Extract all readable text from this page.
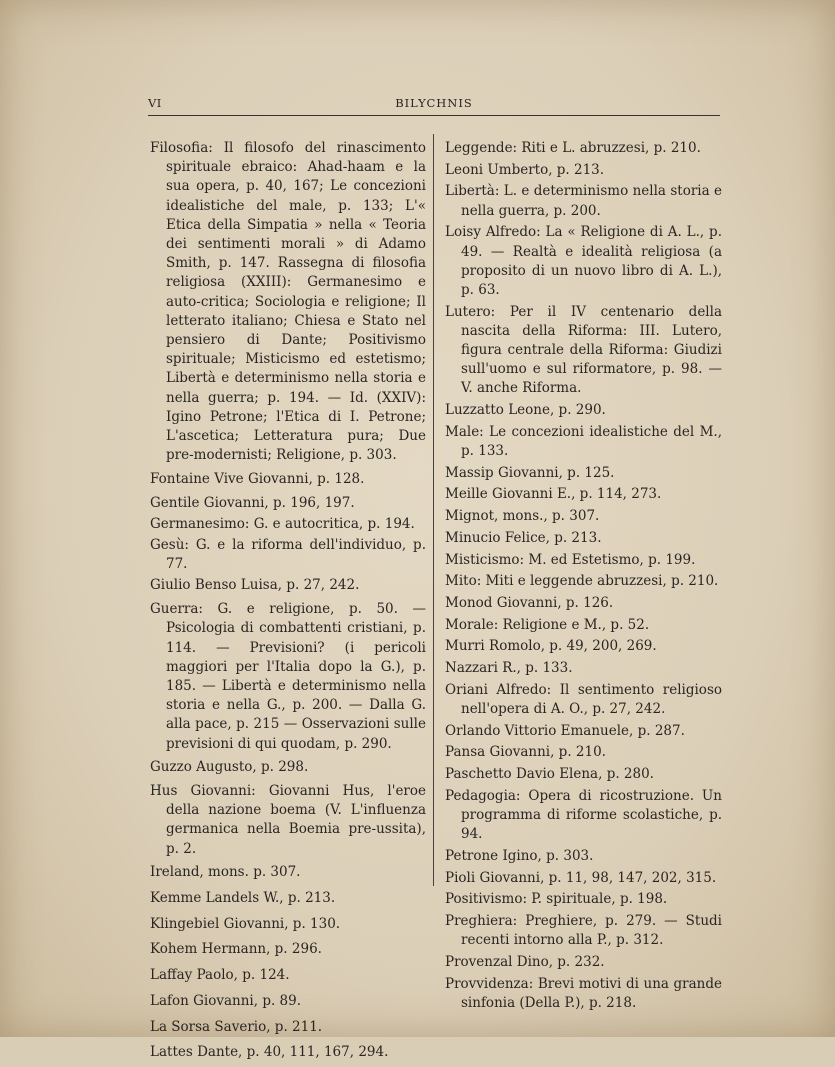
VI	BILYCHNIS

Filosofia: Il filosofo del rinascimento spirituale ebraico: Ahad-haam e la sua opera, p. 40, 167; Le concezioni idealistiche del male, p. 133; L'« Etica della Simpatia » nella « Teoria dei sentimenti morali » di Adamo Smith, p. 147. Rassegna di filosofia religiosa (XXIII): Germanesimo e auto-critica; Sociologia e religione; Il letterato italiano; Chiesa e Stato nel pensiero di Dante; Positivismo spirituale; Misticismo ed estetismo; Libertà e determinismo nella storia e nella guerra; p. 194. — Id. (XXIV): Igino Petrone; l'Etica di I. Petrone; L'ascetica; Letteratura pura; Due pre-modernisti; Religione, p. 303.

Fontaine Vive Giovanni, p. 128.

Gentile Giovanni, p. 196, 197.

Germanesimo: G. e autocritica, p. 194.

Gesù: G. e la riforma dell'individuo, p. 77.

Giulio Benso Luisa, p. 27, 242.

Guerra: G. e religione, p. 50. — Psicologia di combattenti cristiani, p. 114. — Previsioni? (i pericoli maggiori per l'Italia dopo la G.), p. 185. — Libertà e determinismo nella storia e nella G., p. 200. — Dalla G. alla pace, p. 215 — Osservazioni sulle previsioni di qui quodam, p. 290.

Guzzo Augusto, p. 298.

Hus Giovanni: Giovanni Hus, l'eroe della nazione boema (V. L'influenza germanica nella Boemia pre-ussita), p. 2.

Ireland, mons. p. 307.

Kemme Landels W., p. 213.

Klingebiel Giovanni, p. 130.

Kohem Hermann, p. 296.

Laffay Paolo, p. 124.

Lafon Giovanni, p. 89.

La Sorsa Saverio, p. 211.

Lattes Dante, p. 40, 111, 167, 294.

Leggende: Riti e L. abruzzesi, p. 210.

Leoni Umberto, p. 213.

Libertà: L. e determinismo nella storia e nella guerra, p. 200.

Loisy Alfredo: La « Religione di A. L., p. 49. — Realtà e idealità religiosa (a proposito di un nuovo libro di A. L.), p. 63.

Lutero: Per il IV centenario della nascita della Riforma: III. Lutero, figura centrale della Riforma: Giudizi sull'uomo e sul riformatore, p. 98. — V. anche Riforma.

Luzzatto Leone, p. 290.

Male: Le concezioni idealistiche del M., p. 133.

Massip Giovanni, p. 125.

Meille Giovanni E., p. 114, 273.

Mignot, mons., p. 307.

Minucio Felice, p. 213.

Misticismo: M. ed Estetismo, p. 199.

Mito: Miti e leggende abruzzesi, p. 210.

Monod Giovanni, p. 126.

Morale: Religione e M., p. 52.

Murri Romolo, p. 49, 200, 269.

Nazzari R., p. 133.

Oriani Alfredo: Il sentimento religioso nell'opera di A. O., p. 27, 242.

Orlando Vittorio Emanuele, p. 287.

Pansa Giovanni, p. 210.

Paschetto Davio Elena, p. 280.

Pedagogia: Opera di ricostruzione. Un programma di riforme scolastiche, p. 94.

Petrone Igino, p. 303.

Pioli Giovanni, p. 11, 98, 147, 202, 315.

Positivismo: P. spirituale, p. 198.

Preghiera: Preghiere, p. 279. — Studi recenti intorno alla P., p. 312.

Provenzal Dino, p. 232.

Provvidenza: Brevi motivi di una grande sinfonia (Della P.), p. 218.
